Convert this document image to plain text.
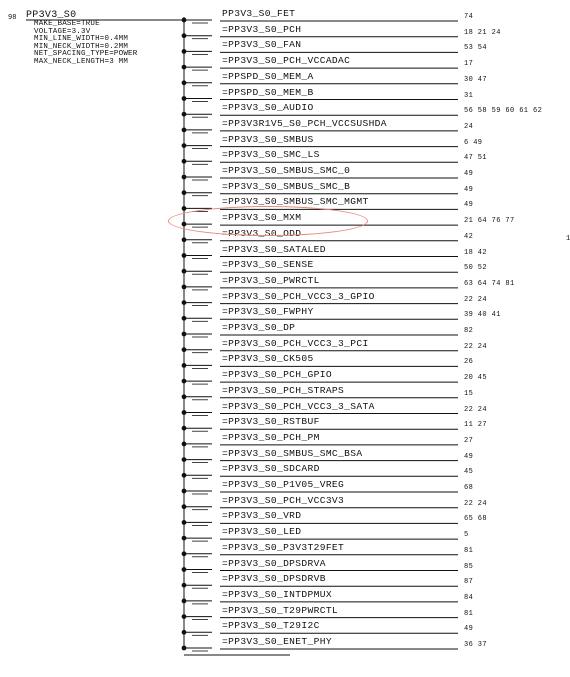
98 PP3V3_S0
MAKE_BASE=TRUE
VOLTAGE=3.3V
MIN_LINE_WIDTH=0.4MM
MIN_NECK_WIDTH=0.2MM
NET_SPACING_TYPE=POWER
MAX_NECK_LENGTH=3 MM
PP3V3_S0_FET	74
=PP3V3_S0_PCH	18 21 24
=PP3V3_S0_FAN	53 54
=PP3V3_S0_PCH_VCCADAC	17
=PPSPD_S0_MEM_A	30 47
=PPSPD_S0_MEM_B	31
=PP3V3_S0_AUDIO	56 58 59 60 61 62
=PP3V3R1V5_S0_PCH_VCCSUSHDA	24
=PP3V3_S0_SMBUS	6 49
=PP3V3_S0_SMC_LS	47 51
=PP3V3_S0_SMBUS_SMC_0	49
=PP3V3_S0_SMBUS_SMC_B	49
=PP3V3_S0_SMBUS_SMC_MGMT	49
=PP3V3_S0_MXM	21 64 76 77
=PP3V3_S0_ODD	42
=PP3V3_S0_SATALED	18 42
=PP3V3_S0_SENSE	50 52
=PP3V3_S0_PWRCTL	63 64 74 81
=PP3V3_S0_PCH_VCC3_3_GPIO	22 24
=PP3V3_S0_FWPHY	39 40 41
=PP3V3_S0_DP	82
=PP3V3_S0_PCH_VCC3_3_PCI	22 24
=PP3V3_S0_CK505	26
=PP3V3_S0_PCH_GPIO	20 45
=PP3V3_S0_PCH_STRAPS	15
=PP3V3_S0_PCH_VCC3_3_SATA	22 24
=PP3V3_S0_RSTBUF	11 27
=PP3V3_S0_PCH_PM	27
=PP3V3_S0_SMBUS_SMC_BSA	49
=PP3V3_S0_SDCARD	45
=PP3V3_S0_P1V05_VREG	68
=PP3V3_S0_PCH_VCC3V3	22 24
=PP3V3_S0_VRD	65 68
=PP3V3_S0_LED	5
=PP3V3_S0_P3V3T29FET	81
=PP3V3_S0_DPSDRVA	85
=PP3V3_S0_DPSDRVB	87
=PP3V3_S0_INTDPMUX	84
=PP3V3_S0_T29PWRCTL	81
=PP3V3_S0_T29I2C	49
=PP3V3_S0_ENET_PHY	36 37
1
